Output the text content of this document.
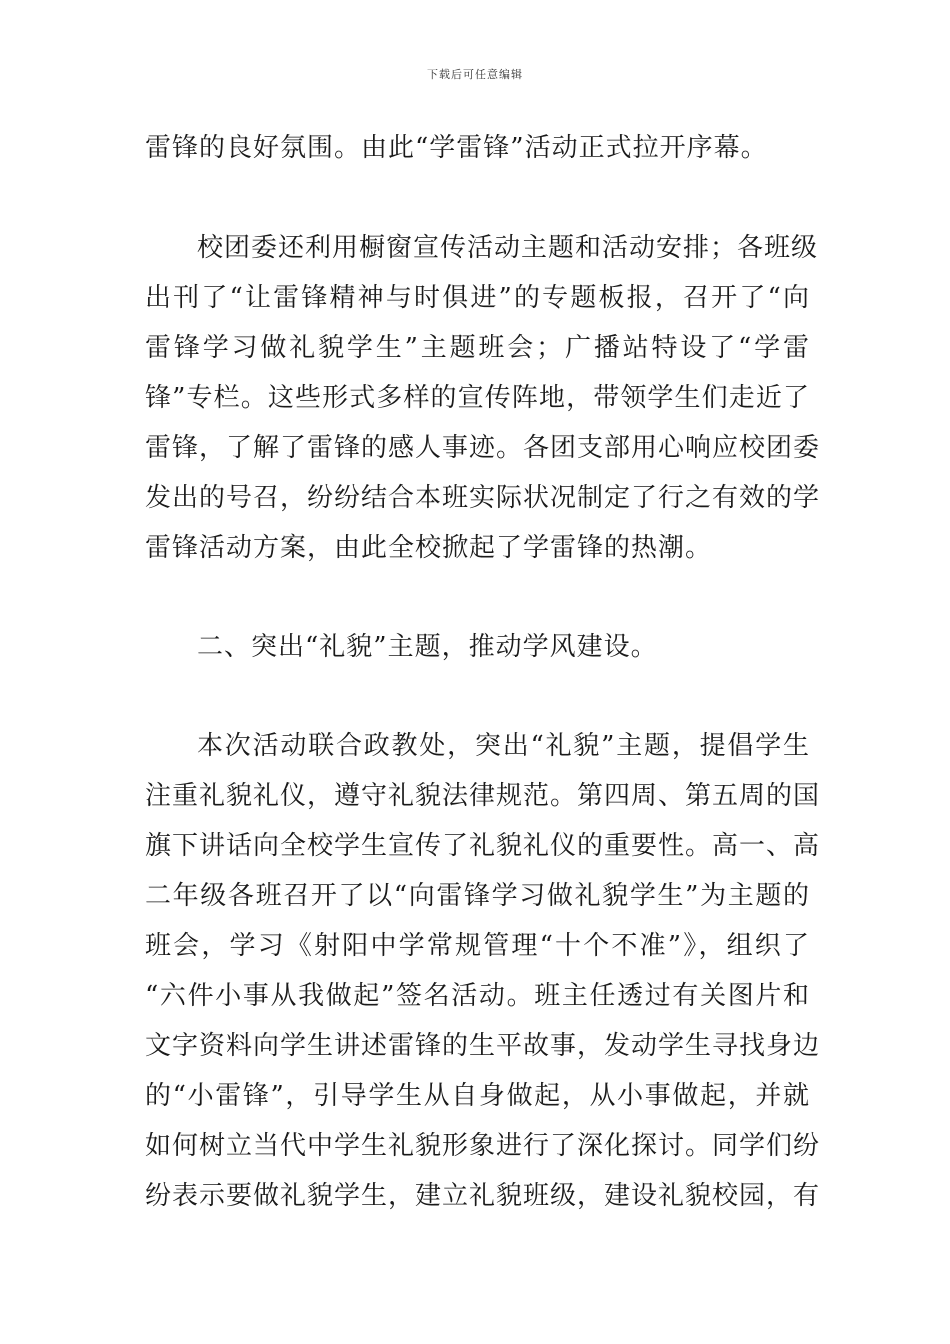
下载后可任意编辑
雷锋的良好氛围。由此“学雷锋”活动正式拉开序幕。
校团委还利用橱窗宣传活动主题和活动安排；各班级
出刊了“让雷锋精神与时俱进”的专题板报，召开了“向
雷锋学习做礼貌学生”主题班会；广播站特设了“学雷
锋”专栏。这些形式多样的宣传阵地，带领学生们走近了
雷锋，了解了雷锋的感人事迹。各团支部用心响应校团委
发出的号召，纷纷结合本班实际状况制定了行之有效的学
雷锋活动方案，由此全校掀起了学雷锋的热潮。
二、突出“礼貌”主题，推动学风建设。
本次活动联合政教处，突出“礼貌”主题，提倡学生
注重礼貌礼仪，遵守礼貌法律规范。第四周、第五周的国
旗下讲话向全校学生宣传了礼貌礼仪的重要性。高一、高
二年级各班召开了以“向雷锋学习做礼貌学生”为主题的
班会，学习《射阳中学常规管理“十个不准”》，组织了
“六件小事从我做起”签名活动。班主任透过有关图片和
文字资料向学生讲述雷锋的生平故事，发动学生寻找身边
的“小雷锋”，引导学生从自身做起，从小事做起，并就
如何树立当代中学生礼貌形象进行了深化探讨。同学们纷
纷表示要做礼貌学生，建立礼貌班级，建设礼貌校园，有
